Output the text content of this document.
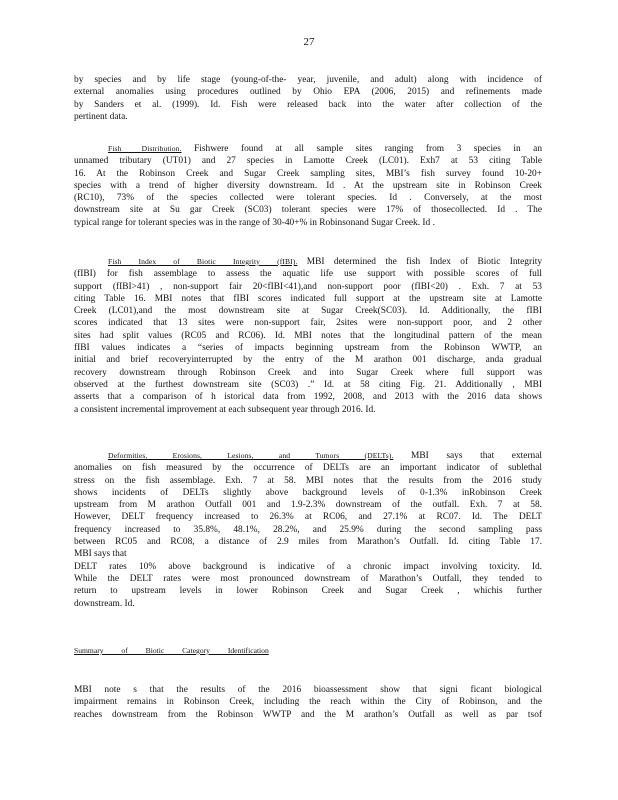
27
by species and by life stage (young-of-the- year, juvenile, and adult) along with incidence of
external anomalies using procedures outlined by Ohio EPA (2006, 2015) and refinements made
by Sanders et al. (1999). Id. Fish were released back into the water after collection of the
pertinent data.
Fish Distribution. Fishwere found at all sample sites ranging from 3 species in an
unnamed tributary (UT01) and 27 species in Lamotte Creek (LC01). Exh7 at 53 citing Table
16. At the Robinson Creek and Sugar Creek sampling sites, MBI’s fish survey found 10-20+
species with a trend of higher diversity downstream. Id . At the upstream site in Robinson Creek
(RC10), 73% of the species collected were tolerant species. Id . Conversely, at the most
downstream site at Su gar Creek (SC03) tolerant species were 17% of thosecollected. Id . The
typical range for tolerant species was in the range of 30-40+% in Robinsonand Sugar Creek. Id .
Fish Index of Biotic Integrity (fIBI). MBI determined the fish Index of Biotic Integrity
(fIBI) for fish assemblage to assess the aquatic life use support with possible scores of full
support (fIBI>41) , non-support fair 20<fIBI<41),and non-support poor (fIBI<20) . Exh. 7 at 53
citing Table 16. MBI notes that fIBI scores indicated full support at the upstream site at Lamotte
Creek (LC01),and the most downstream site at Sugar Creek(SC03). Id. Additionally, the fIBI
scores indicated that 13 sites were non-support fair, 2sites were non-support poor, and 2 other
sites had split values (RC05 and RC06). Id. MBI notes that the longitudinal pattern of the mean
fIBI values indicates a “series of impacts beginning upstream from the Robinson WWTP, an
initial and brief recoveryinterrupted by the entry of the M arathon 001 discharge, anda gradual
recovery downstream through Robinson Creek and into Sugar Creek where full support was
observed at the furthest downstream site (SC03) .” Id. at 58 citing Fig. 21. Additionally , MBI
asserts that a comparison of h istorical data from 1992, 2008, and 2013 with the 2016 data shows
a consistent incremental improvement at each subsequent year through 2016. Id.
Deformities, Erosions, Lesions, and Tumors (DELTs). MBI says that external
anomalies on fish measured by the occurrence of DELTs are an important indicator of sublethal
stress on the fish assemblage. Exh. 7 at 58. MBI notes that the results from the 2016 study
shows incidents of DELTs slightly above background levels of 0-1.3% inRobinson Creek
upstream from M arathon Outfall 001 and 1.9-2.3% downstream of the outfall. Exh. 7 at 58.
However, DELT frequency increased to 26.3% at RC06, and 27.1% at RC07. Id. The DELT
frequency increased to 35.8%, 48.1%, 28.2%, and 25.9% during the second sampling pass
between RC05 and RC08, a distance of 2.9 miles from Marathon’s Outfall. Id. citing Table 17.
MBI says that
DELT rates 10% above background is indicative of a chronic impact involving toxicity. Id.
While the DELT rates were most pronounced downstream of Marathon’s Outfall, they tended to
return to upstream levels in lower Robinson Creek and Sugar Creek , whichis further
downstream. Id.
Summary of Biotic Category Identification
MBI note s that the results of the 2016 bioassessment show that signi ficant biological
impairment remains in Robinson Creek, including the reach within the City of Robinson, and the
reaches downstream from the Robinson WWTP and the M arathon’s Outfall as well as par tsof
